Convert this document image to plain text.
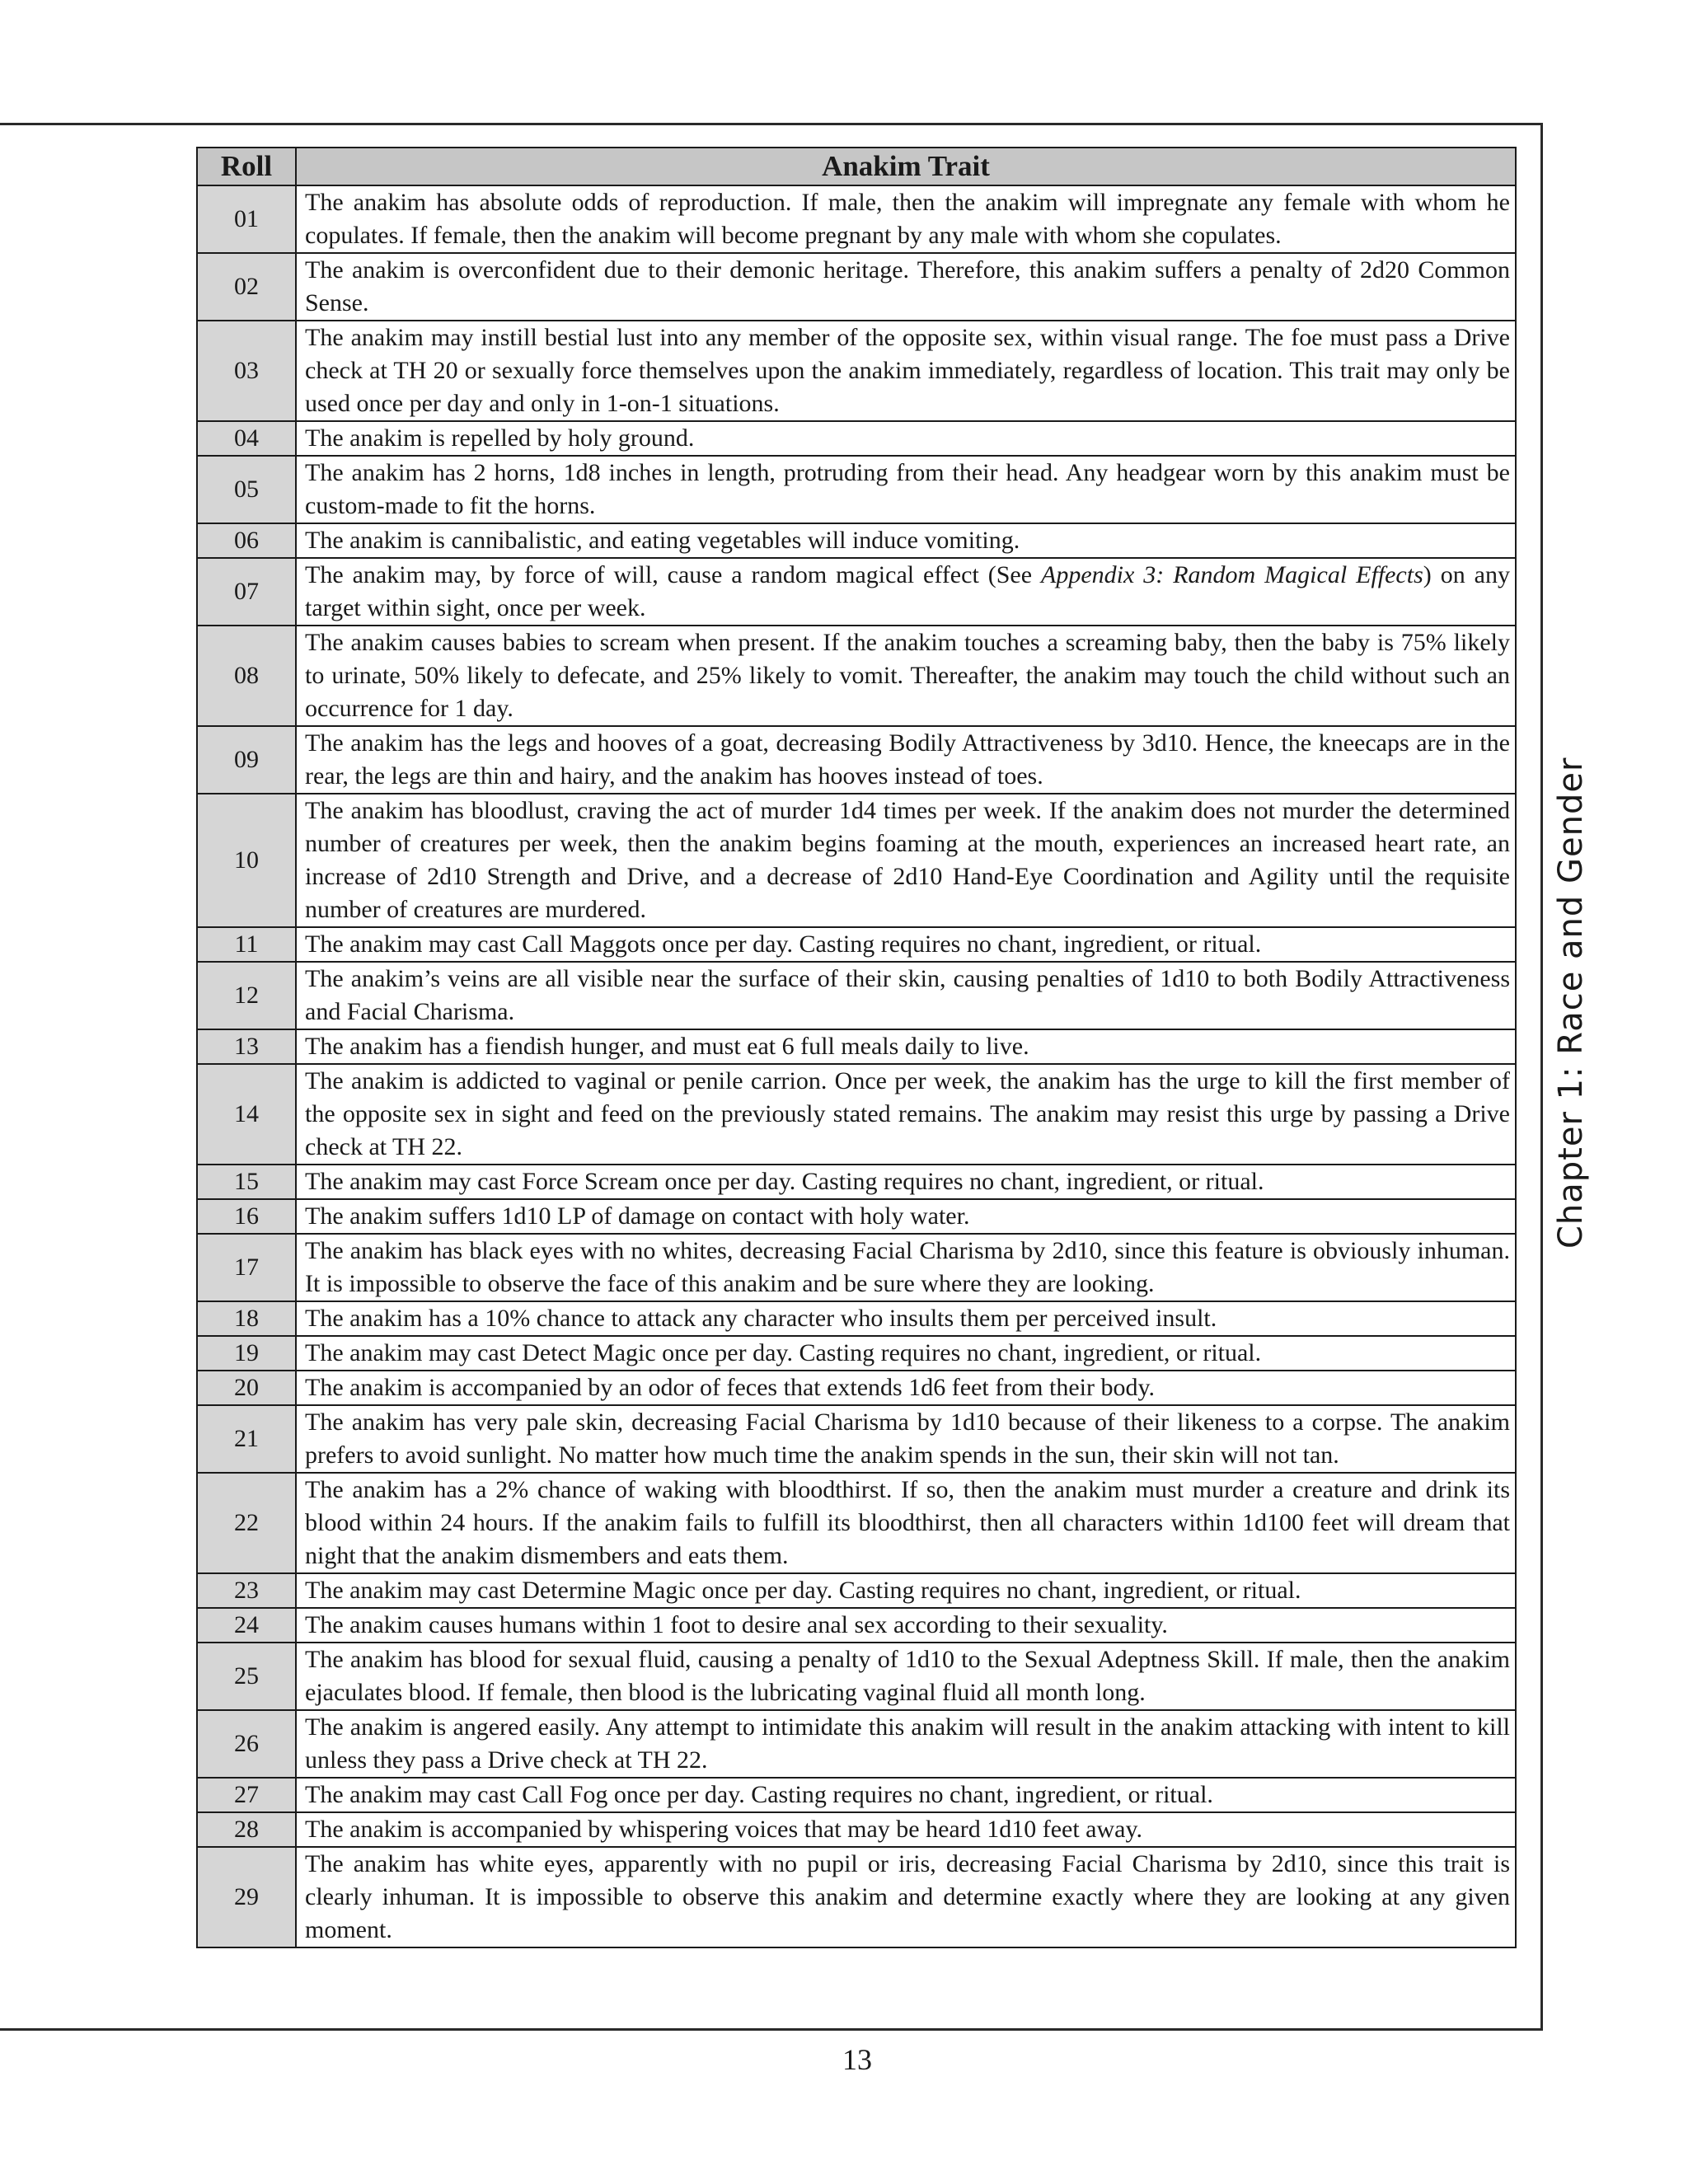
Roll	Anakim Trait
01	The anakim has absolute odds of reproduction. If male, then the anakim will impregnate any female with whom he copulates. If female, then the anakim will become pregnant by any male with whom she copulates.
02	The anakim is overconfident due to their demonic heritage. Therefore, this anakim suffers a penalty of 2d20 Common Sense.
03	The anakim may instill bestial lust into any member of the opposite sex, within visual range. The foe must pass a Drive check at TH 20 or sexually force themselves upon the anakim immediately, regardless of location. This trait may only be used once per day and only in 1-on-1 situations.
04	The anakim is repelled by holy ground.
05	The anakim has 2 horns, 1d8 inches in length, protruding from their head. Any headgear worn by this anakim must be custom-made to fit the horns.
06	The anakim is cannibalistic, and eating vegetables will induce vomiting.
07	The anakim may, by force of will, cause a random magical effect (See Appendix 3: Random Magical Effects) on any target within sight, once per week.
08	The anakim causes babies to scream when present. If the anakim touches a screaming baby, then the baby is 75% likely to urinate, 50% likely to defecate, and 25% likely to vomit. Thereafter, the anakim may touch the child without such an occurrence for 1 day.
09	The anakim has the legs and hooves of a goat, decreasing Bodily Attractiveness by 3d10. Hence, the kneecaps are in the rear, the legs are thin and hairy, and the anakim has hooves instead of toes.
10	The anakim has bloodlust, craving the act of murder 1d4 times per week. If the anakim does not murder the determined number of creatures per week, then the anakim begins foaming at the mouth, experiences an increased heart rate, an increase of 2d10 Strength and Drive, and a decrease of 2d10 Hand-Eye Coordination and Agility until the requisite number of creatures are murdered.
11	The anakim may cast Call Maggots once per day. Casting requires no chant, ingredient, or ritual.
12	The anakim’s veins are all visible near the surface of their skin, causing penalties of 1d10 to both Bodily Attractiveness and Facial Charisma.
13	The anakim has a fiendish hunger, and must eat 6 full meals daily to live.
14	The anakim is addicted to vaginal or penile carrion. Once per week, the anakim has the urge to kill the first member of the opposite sex in sight and feed on the previously stated remains. The anakim may resist this urge by passing a Drive check at TH 22.
15	The anakim may cast Force Scream once per day. Casting requires no chant, ingredient, or ritual.
16	The anakim suffers 1d10 LP of damage on contact with holy water.
17	The anakim has black eyes with no whites, decreasing Facial Charisma by 2d10, since this feature is obviously inhuman. It is impossible to observe the face of this anakim and be sure where they are looking.
18	The anakim has a 10% chance to attack any character who insults them per perceived insult.
19	The anakim may cast Detect Magic once per day. Casting requires no chant, ingredient, or ritual.
20	The anakim is accompanied by an odor of feces that extends 1d6 feet from their body.
21	The anakim has very pale skin, decreasing Facial Charisma by 1d10 because of their likeness to a corpse. The anakim prefers to avoid sunlight. No matter how much time the anakim spends in the sun, their skin will not tan.
22	The anakim has a 2% chance of waking with bloodthirst. If so, then the anakim must murder a creature and drink its blood within 24 hours. If the anakim fails to fulfill its bloodthirst, then all characters within 1d100 feet will dream that night that the anakim dismembers and eats them.
23	The anakim may cast Determine Magic once per day. Casting requires no chant, ingredient, or ritual.
24	The anakim causes humans within 1 foot to desire anal sex according to their sexuality.
25	The anakim has blood for sexual fluid, causing a penalty of 1d10 to the Sexual Adeptness Skill. If male, then the anakim ejaculates blood. If female, then blood is the lubricating vaginal fluid all month long.
26	The anakim is angered easily. Any attempt to intimidate this anakim will result in the anakim attacking with intent to kill unless they pass a Drive check at TH 22.
27	The anakim may cast Call Fog once per day. Casting requires no chant, ingredient, or ritual.
28	The anakim is accompanied by whispering voices that may be heard 1d10 feet away.
29	The anakim has white eyes, apparently with no pupil or iris, decreasing Facial Charisma by 2d10, since this trait is clearly inhuman. It is impossible to observe this anakim and determine exactly where they are looking at any given moment.
Chapter 1: Race and Gender
13
